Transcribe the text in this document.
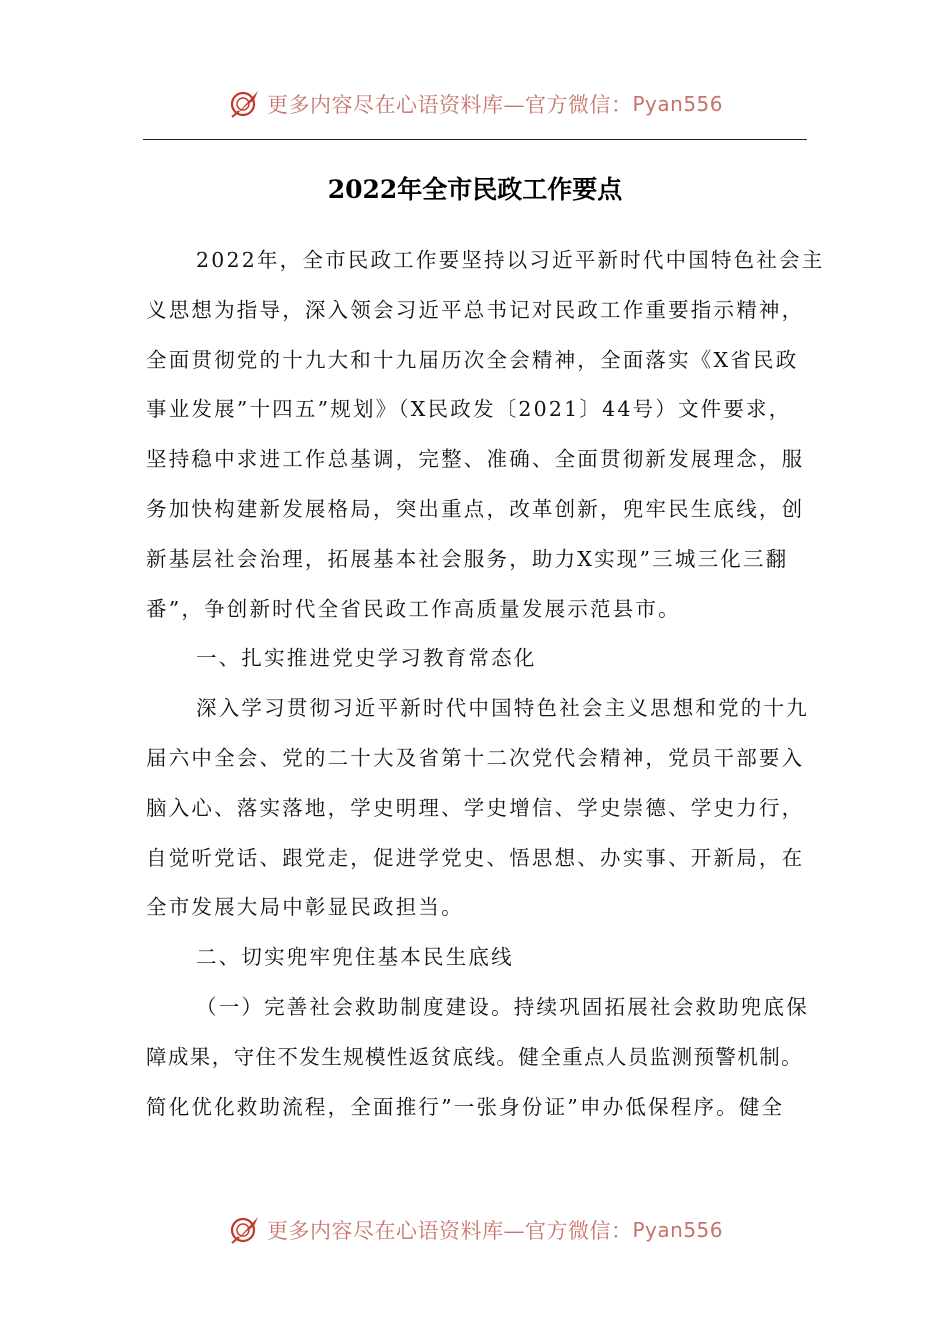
更多内容尽在心语资料库—官方微信： Pyan556
2022年全市民政工作要点
2022年，全市民政工作要坚持以习近平新时代中国特色社会主
义思想为指导，深入领会习近平总书记对民政工作重要指示精神，
全面贯彻党的十九大和十九届历次全会精神，全面落实《X省民政
事业发展”十四五”规划》（X民政发〔2021〕44号）文件要求，
坚持稳中求进工作总基调，完整、准确、全面贯彻新发展理念，服
务加快构建新发展格局，突出重点，改革创新，兜牢民生底线，创
新基层社会治理，拓展基本社会服务，助力X实现”三城三化三翻
番”，争创新时代全省民政工作高质量发展示范县市。
一、扎实推进党史学习教育常态化
深入学习贯彻习近平新时代中国特色社会主义思想和党的十九
届六中全会、党的二十大及省第十二次党代会精神，党员干部要入
脑入心、落实落地，学史明理、学史增信、学史崇德、学史力行，
自觉听党话、跟党走，促进学党史、悟思想、办实事、开新局，在
全市发展大局中彰显民政担当。
二、切实兜牢兜住基本民生底线
（一）完善社会救助制度建设。持续巩固拓展社会救助兜底保
障成果，守住不发生规模性返贫底线。健全重点人员监测预警机制。
简化优化救助流程，全面推行”一张身份证”申办低保程序。健全
更多内容尽在心语资料库—官方微信： Pyan556
